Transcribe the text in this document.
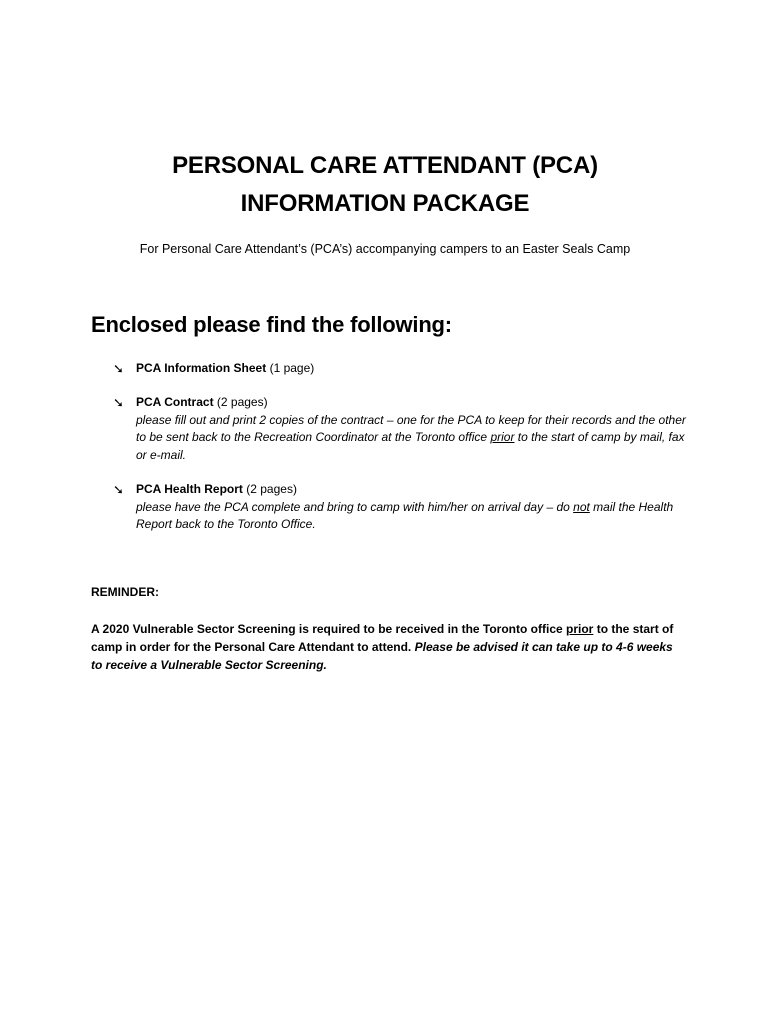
PERSONAL CARE ATTENDANT (PCA)
INFORMATION PACKAGE
For Personal Care Attendant’s (PCA’s) accompanying campers to an Easter Seals Camp
Enclosed please find the following:
➘ PCA Information Sheet (1 page)
➘ PCA Contract (2 pages)
please fill out and print 2 copies of the contract – one for the PCA to keep for their records and the other to be sent back to the Recreation Coordinator at the Toronto office prior to the start of camp by mail, fax or e-mail.
➘ PCA Health Report (2 pages)
please have the PCA complete and bring to camp with him/her on arrival day – do not mail the Health Report back to the Toronto Office.
REMINDER:
A 2020 Vulnerable Sector Screening is required to be received in the Toronto office prior to the start of camp in order for the Personal Care Attendant to attend. Please be advised it can take up to 4-6 weeks to receive a Vulnerable Sector Screening.
